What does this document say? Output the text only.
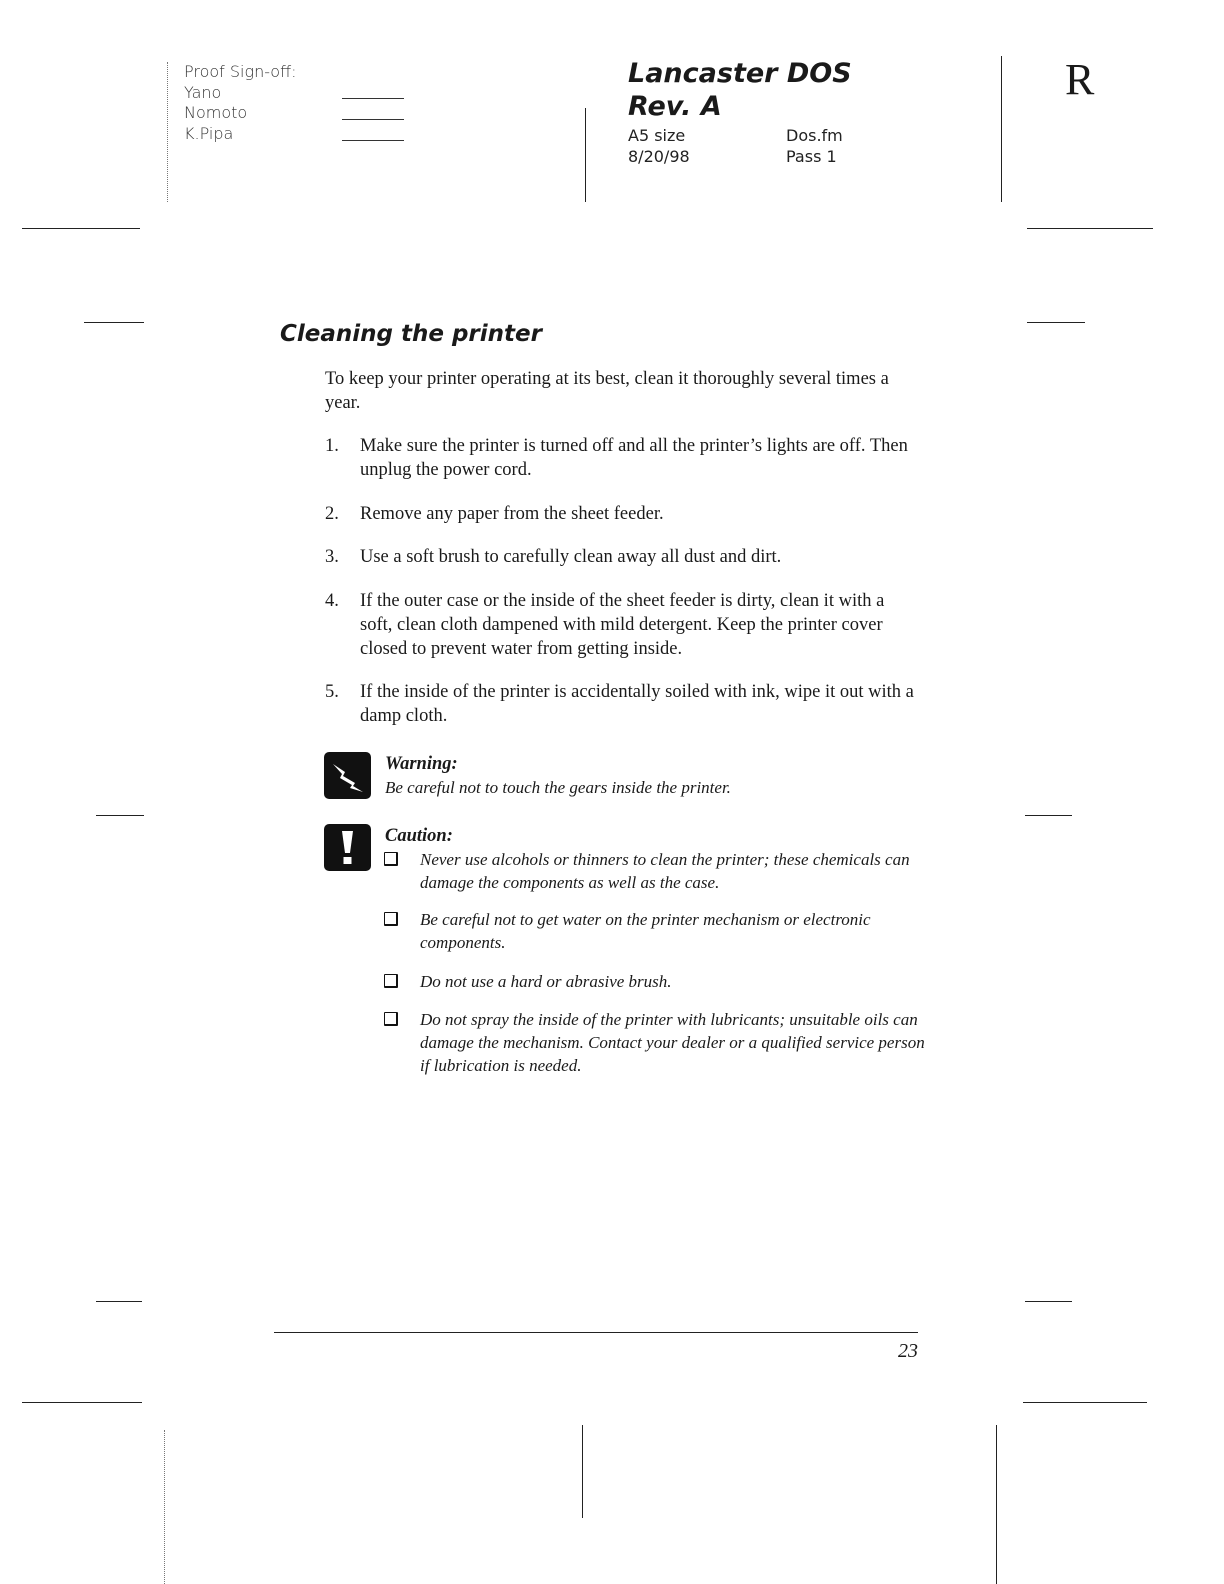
Proof Sign-off:
Yano
Nomoto
K.Pipa
Lancaster DOS
Rev. A
A5 size
8/20/98
Dos.fm
Pass 1
R
Cleaning the printer
To keep your printer operating at its best, clean it thoroughly several times a year.
1. Make sure the printer is turned off and all the printer’s lights are off. Then unplug the power cord.
2. Remove any paper from the sheet feeder.
3. Use a soft brush to carefully clean away all dust and dirt.
4. If the outer case or the inside of the sheet feeder is dirty, clean it with a soft, clean cloth dampened with mild detergent. Keep the printer cover closed to prevent water from getting inside.
5. If the inside of the printer is accidentally soiled with ink, wipe it out with a damp cloth.
Warning:
Be careful not to touch the gears inside the printer.
Caution:
Never use alcohols or thinners to clean the printer; these chemicals can damage the components as well as the case.
Be careful not to get water on the printer mechanism or electronic components.
Do not use a hard or abrasive brush.
Do not spray the inside of the printer with lubricants; unsuitable oils can damage the mechanism. Contact your dealer or a qualified service person if lubrication is needed.
23
